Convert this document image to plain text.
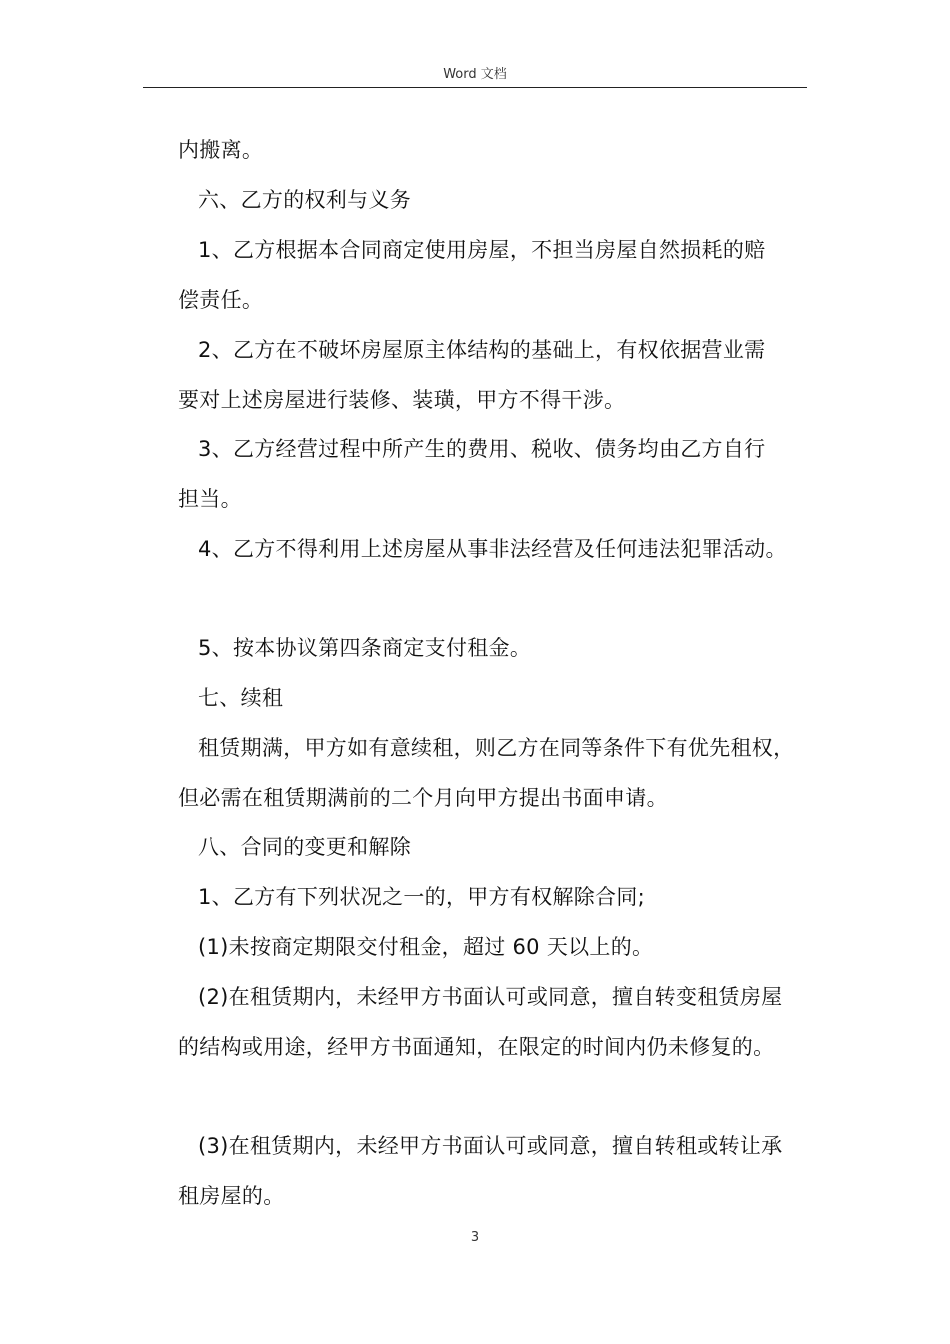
Word 文档
内搬离。
六、乙方的权利与义务
1、乙方根据本合同商定使用房屋，不担当房屋自然损耗的赔
偿责任。
2、乙方在不破坏房屋原主体结构的基础上，有权依据营业需
要对上述房屋进行装修、装璜，甲方不得干涉。
3、乙方经营过程中所产生的费用、税收、债务均由乙方自行
担当。
4、乙方不得利用上述房屋从事非法经营及任何违法犯罪活动。
5、按本协议第四条商定支付租金。
七、续租
租赁期满，甲方如有意续租，则乙方在同等条件下有优先租权，
但必需在租赁期满前的二个月向甲方提出书面申请。
八、合同的变更和解除
1、乙方有下列状况之一的，甲方有权解除合同;
(1)未按商定期限交付租金，超过 60 天以上的。
(2)在租赁期内，未经甲方书面认可或同意，擅自转变租赁房屋
的结构或用途，经甲方书面通知，在限定的时间内仍未修复的。
(3)在租赁期内，未经甲方书面认可或同意，擅自转租或转让承
租房屋的。
3
